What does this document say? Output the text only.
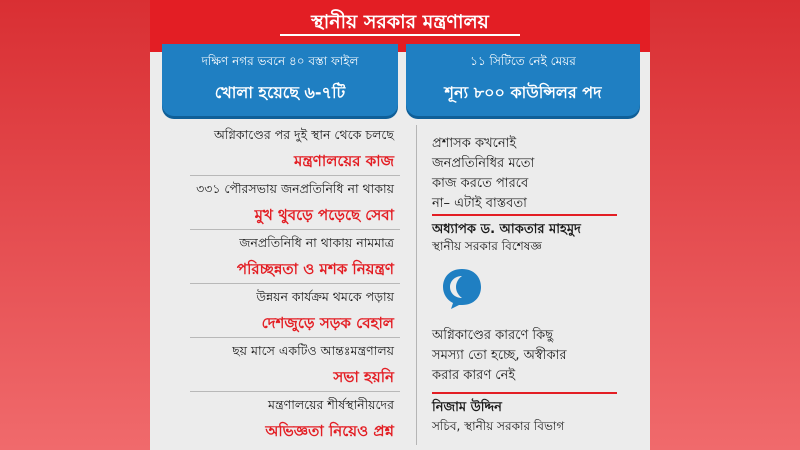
স্থানীয় সরকার মন্ত্রণালয়
দক্ষিণ নগর ভবনে ৪০ বস্তা ফাইল
খোলা হয়েছে ৬-৭টি
১১ সিটিতে নেই মেয়র
শূন্য ৮০০ কাউন্সিলর পদ
অগ্নিকাণ্ডের পর দুই স্থান থেকে চলছে
মন্ত্রণালয়ের কাজ
৩৩১ পৌরসভায় জনপ্রতিনিধি না থাকায়
মুখ থুবড়ে পড়েছে সেবা
জনপ্রতিনিধি না থাকায় নামমাত্র
পরিচ্ছন্নতা ও মশক নিয়ন্ত্রণ
উন্নয়ন কার্যক্রম থমকে পড়ায়
দেশজুড়ে সড়ক বেহাল
ছয় মাসে একটিও আন্তঃমন্ত্রণালয়
সভা হয়নি
মন্ত্রণালয়ের শীর্ষস্থানীয়দের
অভিজ্ঞতা নিয়েও প্রশ্ন
প্রশাসক কখনোই
জনপ্রতিনিধির মতো
কাজ করতে পারবে
না– এটাই বাস্তবতা
অধ্যাপক ড. আকতার মাহমুদ
স্থানীয় সরকার বিশেষজ্ঞ
অগ্নিকাণ্ডের কারণে কিছু
সমস্যা তো হচ্ছে, অস্বীকার
করার কারণ নেই
নিজাম উদ্দিন
সচিব, স্থানীয় সরকার বিভাগ
